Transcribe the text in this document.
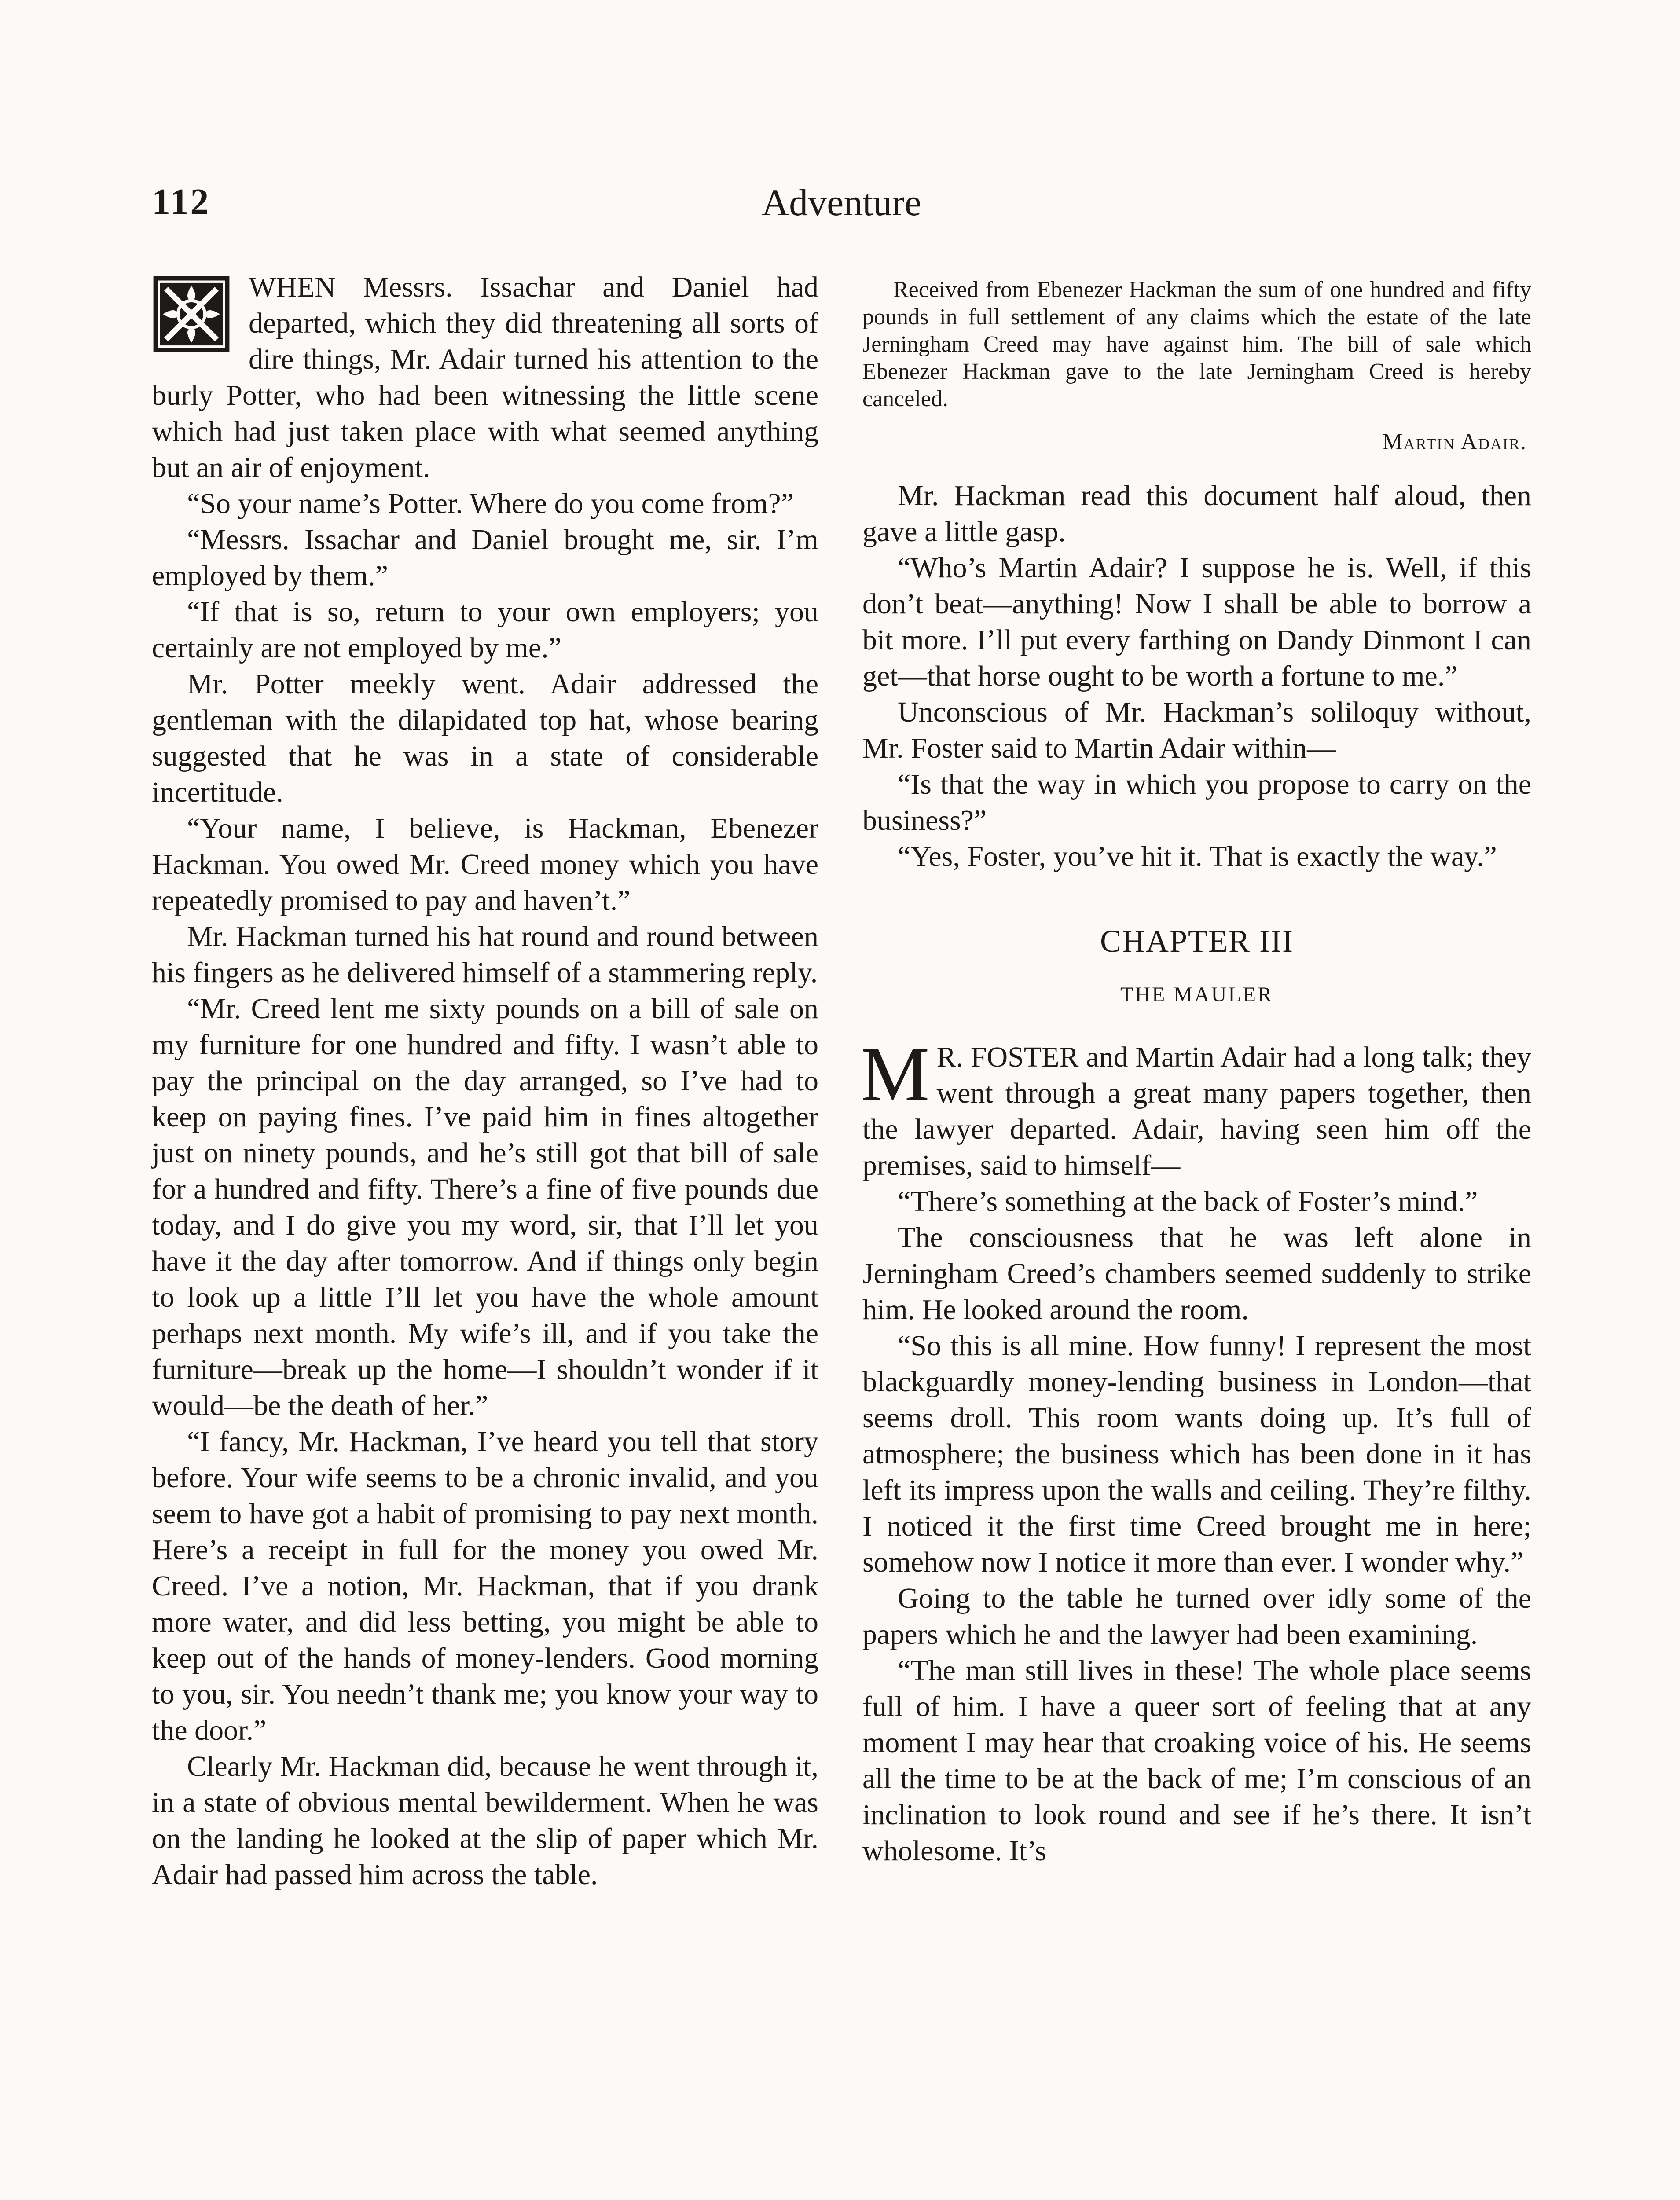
112	Adventure

WHEN Messrs. Issachar and Daniel had departed, which they did threatening all sorts of dire things, Mr. Adair turned his attention to the burly Potter, who had been witnessing the little scene which had just taken place with what seemed anything but an air of enjoyment.

“So your name’s Potter. Where do you come from?”

“Messrs. Issachar and Daniel brought me, sir. I’m employed by them.”

“If that is so, return to your own employers; you certainly are not employed by me.”

Mr. Potter meekly went. Adair addressed the gentleman with the dilapidated top hat, whose bearing suggested that he was in a state of considerable incertitude.

“Your name, I believe, is Hackman, Ebenezer Hackman. You owed Mr. Creed money which you have repeatedly promised to pay and haven’t.”

Mr. Hackman turned his hat round and round between his fingers as he delivered himself of a stammering reply.

“Mr. Creed lent me sixty pounds on a bill of sale on my furniture for one hundred and fifty. I wasn’t able to pay the principal on the day arranged, so I’ve had to keep on paying fines. I’ve paid him in fines altogether just on ninety pounds, and he’s still got that bill of sale for a hundred and fifty. There’s a fine of five pounds due today, and I do give you my word, sir, that I’ll let you have it the day after tomorrow. And if things only begin to look up a little I’ll let you have the whole amount perhaps next month. My wife’s ill, and if you take the furniture—break up the home—I shouldn’t wonder if it would—be the death of her.”

“I fancy, Mr. Hackman, I’ve heard you tell that story before. Your wife seems to be a chronic invalid, and you seem to have got a habit of promising to pay next month. Here’s a receipt in full for the money you owed Mr. Creed. I’ve a notion, Mr. Hackman, that if you drank more water, and did less betting, you might be able to keep out of the hands of money-lenders. Good morning to you, sir. You needn’t thank me; you know your way to the door.”

Clearly Mr. Hackman did, because he went through it, in a state of obvious mental bewilderment. When he was on the landing he looked at the slip of paper which Mr. Adair had passed him across the table.

Received from Ebenezer Hackman the sum of one hundred and fifty pounds in full settlement of any claims which the estate of the late Jerningham Creed may have against him. The bill of sale which Ebenezer Hackman gave to the late Jerningham Creed is hereby canceled.

Martin Adair.

Mr. Hackman read this document half aloud, then gave a little gasp.

“Who’s Martin Adair? I suppose he is. Well, if this don’t beat—anything! Now I shall be able to borrow a bit more. I’ll put every farthing on Dandy Dinmont I can get—that horse ought to be worth a fortune to me.”

Unconscious of Mr. Hackman’s soliloquy without, Mr. Foster said to Martin Adair within—

“Is that the way in which you propose to carry on the business?”

“Yes, Foster, you’ve hit it. That is exactly the way.”

CHAPTER III
THE MAULER

M R. FOSTER and Martin Adair had a long talk; they went through a great many papers together, then the lawyer departed. Adair, having seen him off the premises, said to himself—

“There’s something at the back of Foster’s mind.”

The consciousness that he was left alone in Jerningham Creed’s chambers seemed suddenly to strike him. He looked around the room.

“So this is all mine. How funny! I represent the most blackguardly money-lending business in London—that seems droll. This room wants doing up. It’s full of atmosphere; the business which has been done in it has left its impress upon the walls and ceiling. They’re filthy. I noticed it the first time Creed brought me in here; somehow now I notice it more than ever. I wonder why.”

Going to the table he turned over idly some of the papers which he and the lawyer had been examining.

“The man still lives in these! The whole place seems full of him. I have a queer sort of feeling that at any moment I may hear that croaking voice of his. He seems all the time to be at the back of me; I’m conscious of an inclination to look round and see if he’s there. It isn’t wholesome. It’s
